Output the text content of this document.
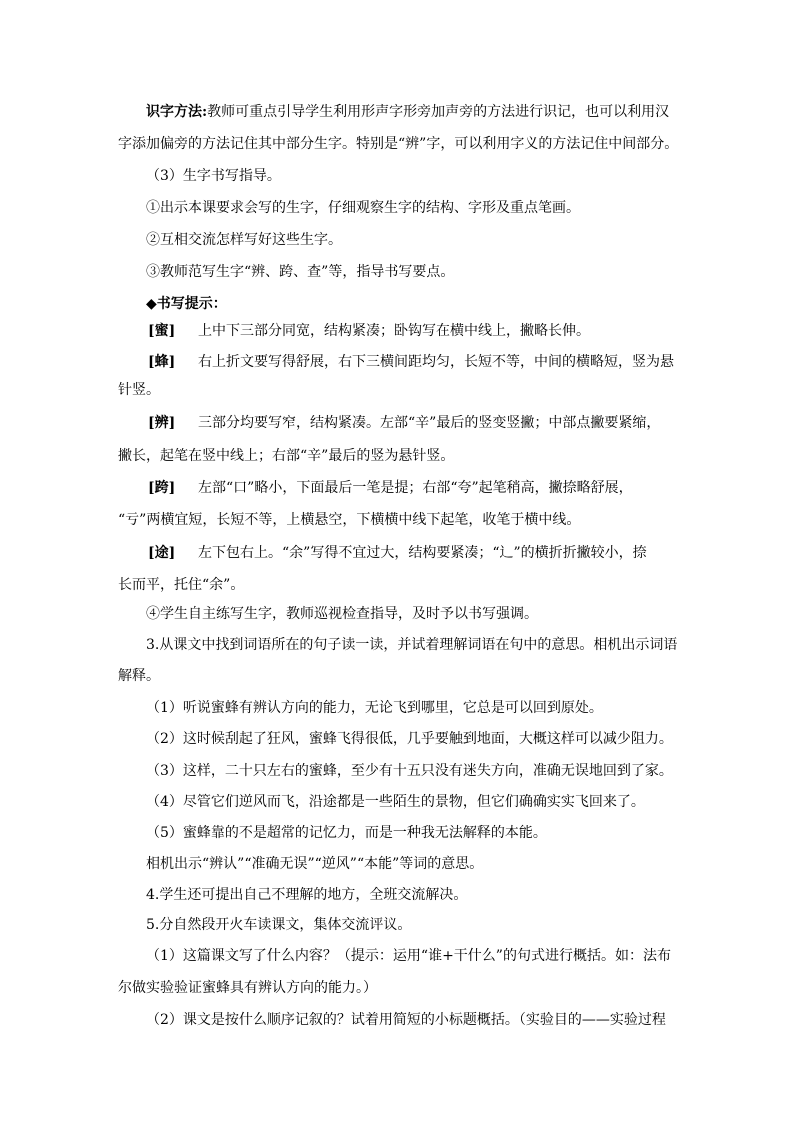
识字方法:教师可重点引导学生利用形声字形旁加声旁的方法进行识记，也可以利用汉
字添加偏旁的方法记住其中部分生字。特别是“辨”字，可以利用字义的方法记住中间部分。
（3）生字书写指导。
①出示本课要求会写的生字，仔细观察生字的结构、字形及重点笔画。
②互相交流怎样写好这些生字。
③教师范写生字“辨、跨、查”等，指导书写要点。
◆书写提示：
[蜜] 上中下三部分同宽，结构紧凑；卧钩写在横中线上，撇略长伸。
[蜂] 右上折文要写得舒展，右下三横间距均匀，长短不等，中间的横略短，竖为悬
针竖。
[辨] 三部分均要写窄，结构紧凑。左部“辛”最后的竖变竖撇；中部点撇要紧缩，
撇长，起笔在竖中线上；右部“辛”最后的竖为悬针竖。
[跨] 左部“口”略小，下面最后一笔是提；右部“夸”起笔稍高，撇捺略舒展，
“亏”两横宜短，长短不等，上横悬空，下横横中线下起笔，收笔于横中线。
[途] 左下包右上。“余”写得不宜过大，结构要紧凑；“辶”的横折折撇较小，捺
长而平，托住“余”。
④学生自主练写生字，教师巡视检查指导，及时予以书写强调。
3.从课文中找到词语所在的句子读一读，并试着理解词语在句中的意思。相机出示词语
解释。
（1）听说蜜蜂有辨认方向的能力，无论飞到哪里，它总是可以回到原处。
（2）这时候刮起了狂风，蜜蜂飞得很低，几乎要触到地面，大概这样可以减少阻力。
（3）这样，二十只左右的蜜蜂，至少有十五只没有迷失方向，准确无误地回到了家。
（4）尽管它们逆风而飞，沿途都是一些陌生的景物，但它们确确实实飞回来了。
（5）蜜蜂靠的不是超常的记忆力，而是一种我无法解释的本能。
相机出示“辨认”“准确无误”“逆风”“本能”等词的意思。
4.学生还可提出自己不理解的地方，全班交流解决。
5.分自然段开火车读课文，集体交流评议。
（1）这篇课文写了什么内容？（提示：运用“谁+干什么”的句式进行概括。如：法布
尔做实验验证蜜蜂具有辨认方向的能力。）
（2）课文是按什么顺序记叙的？试着用简短的小标题概括。（实验目的——实验过程
